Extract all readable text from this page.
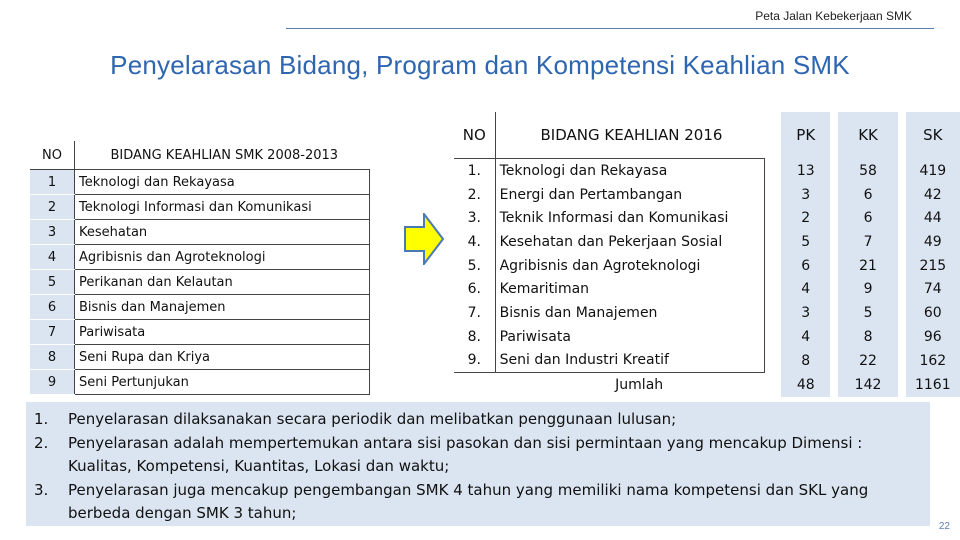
Peta Jalan Kebekerjaan SMK
Penyelarasan Bidang, Program dan Kompetensi Keahlian SMK
NO	BIDANG KEAHLIAN SMK 2008-2013
1	Teknologi dan Rekayasa
2	Teknologi Informasi dan Komunikasi
3	Kesehatan
4	Agribisnis dan Agroteknologi
5	Perikanan dan Kelautan
6	Bisnis dan Manajemen
7	Pariwisata
8	Seni Rupa dan Kriya
9	Seni Pertunjukan
NO	BIDANG KEAHLIAN 2016		PK	KK	SK
1.	Teknologi dan Rekayasa		13	58	419
2.	Energi dan Pertambangan		3	6	42
3.	Teknik Informasi dan Komunikasi		2	6	44
4.	Kesehatan dan Pekerjaan Sosial		5	7	49
5.	Agribisnis dan Agroteknologi		6	21	215
6.	Kemaritiman		4	9	74
7.	Bisnis dan Manajemen		3	5	60
8.	Pariwisata		4	8	96
9.	Seni dan Industri Kreatif		8	22	162
Jumlah			48	142	1161
1. Penyelarasan dilaksanakan secara periodik dan melibatkan penggunaan lulusan;
2. Penyelarasan adalah mempertemukan antara sisi pasokan dan sisi permintaan yang mencakup Dimensi : Kualitas, Kompetensi, Kuantitas, Lokasi dan waktu;
3. Penyelarasan juga mencakup pengembangan SMK 4 tahun yang memiliki nama kompetensi dan SKL yang berbeda dengan SMK 3 tahun;
22
